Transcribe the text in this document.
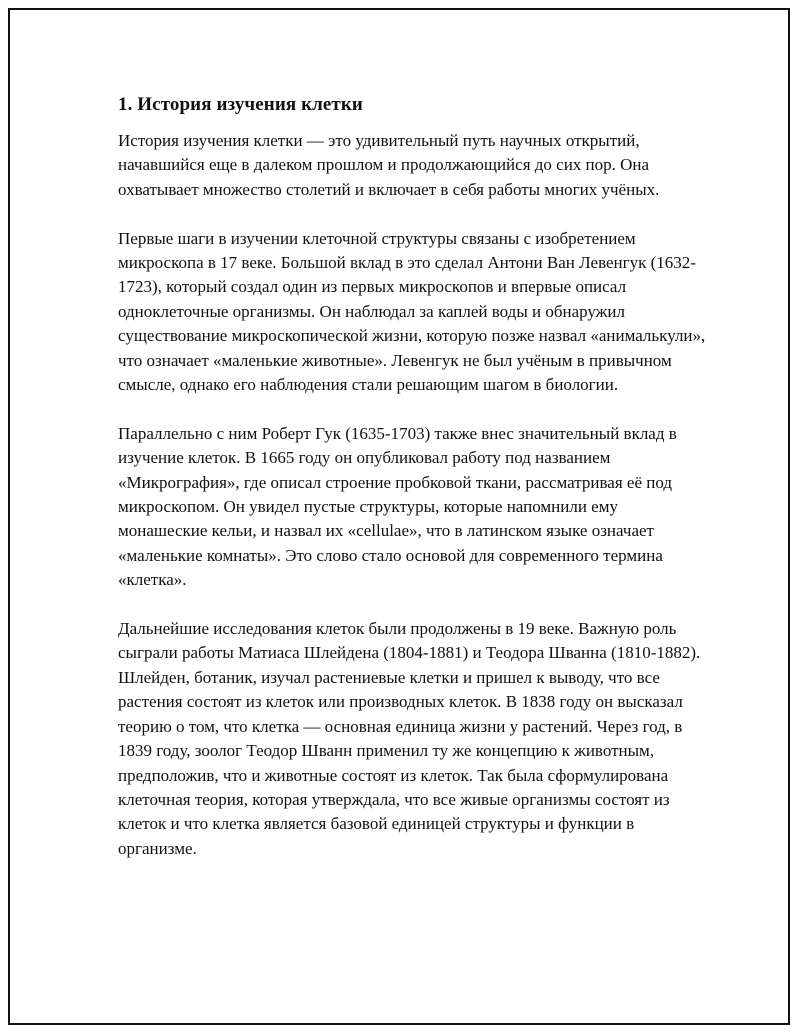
1. История изучения клетки

История изучения клетки — это удивительный путь научных открытий, начавшийся еще в далеком прошлом и продолжающийся до сих пор. Она охватывает множество столетий и включает в себя работы многих учёных.

Первые шаги в изучении клеточной структуры связаны с изобретением микроскопа в 17 веке. Большой вклад в это сделал Антони Ван Левенгук (1632-1723), который создал один из первых микроскопов и впервые описал одноклеточные организмы. Он наблюдал за каплей воды и обнаружил существование микроскопической жизни, которую позже назвал «анималькули», что означает «маленькие животные». Левенгук не был учёным в привычном смысле, однако его наблюдения стали решающим шагом в биологии.

Параллельно с ним Роберт Гук (1635-1703) также внес значительный вклад в изучение клеток. В 1665 году он опубликовал работу под названием «Микрография», где описал строение пробковой ткани, рассматривая её под микроскопом. Он увидел пустые структуры, которые напомнили ему монашеские кельи, и назвал их «cellulae», что в латинском языке означает «маленькие комнаты». Это слово стало основой для современного термина «клетка».

Дальнейшие исследования клеток были продолжены в 19 веке. Важную роль сыграли работы Матиаса Шлейдена (1804-1881) и Теодора Шванна (1810-1882). Шлейден, ботаник, изучал растениевые клетки и пришел к выводу, что все растения состоят из клеток или производных клеток. В 1838 году он высказал теорию о том, что клетка — основная единица жизни у растений. Через год, в 1839 году, зоолог Теодор Шванн применил ту же концепцию к животным, предположив, что и животные состоят из клеток. Так была сформулирована клеточная теория, которая утверждала, что все живые организмы состоят из клеток и что клетка является базовой единицей структуры и функции в организме.
